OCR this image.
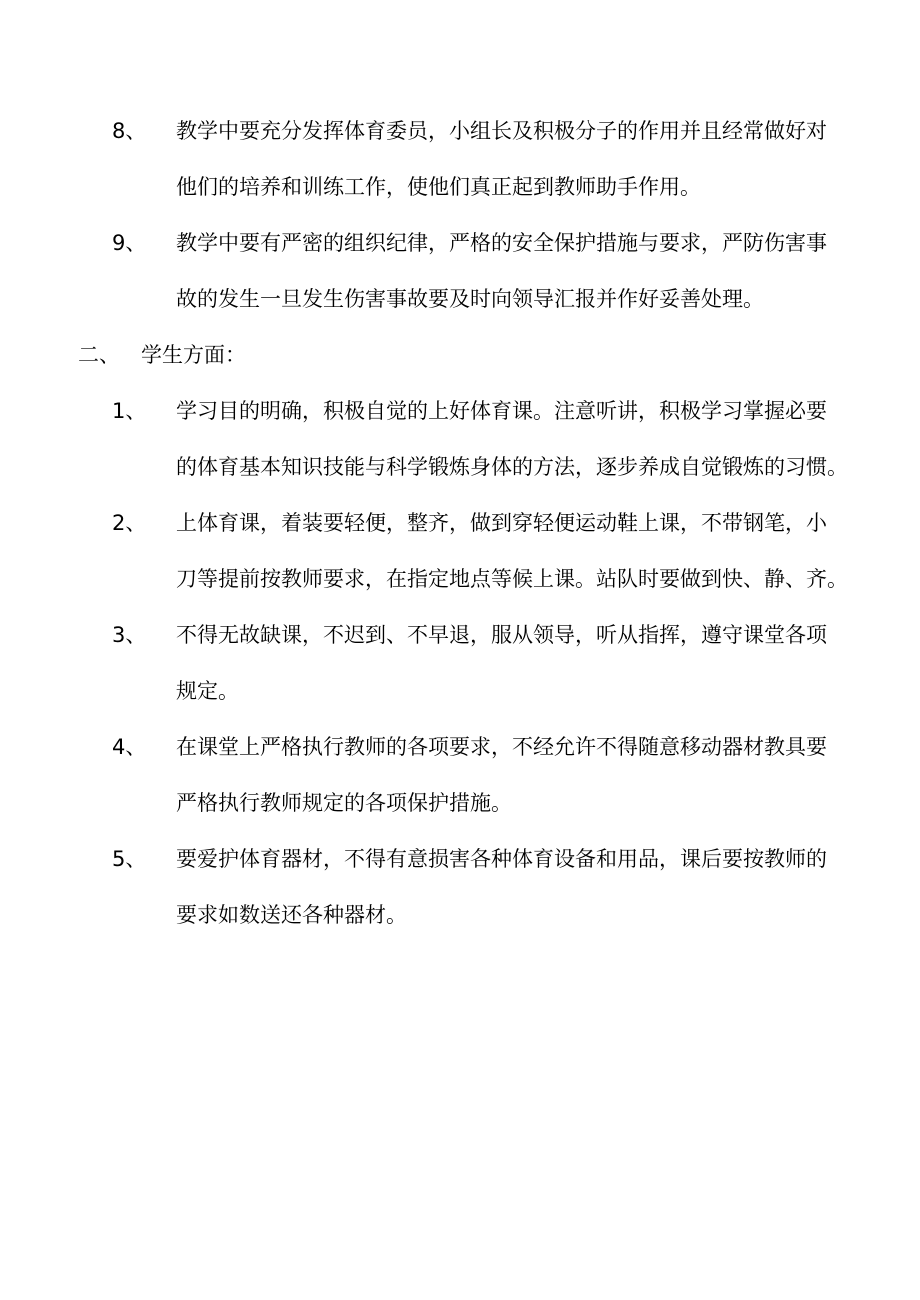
8、 教学中要充分发挥体育委员，小组长及积极分子的作用并且经常做好对
他们的培养和训练工作，使他们真正起到教师助手作用。
9、 教学中要有严密的组织纪律，严格的安全保护措施与要求，严防伤害事
故的发生一旦发生伤害事故要及时向领导汇报并作好妥善处理。
二、 学生方面：
1、 学习目的明确，积极自觉的上好体育课。注意听讲，积极学习掌握必要
的体育基本知识技能与科学锻炼身体的方法，逐步养成自觉锻炼的习惯。
2、 上体育课，着装要轻便，整齐，做到穿轻便运动鞋上课，不带钢笔，小
刀等提前按教师要求，在指定地点等候上课。站队时要做到快、静、齐。
3、 不得无故缺课，不迟到、不早退，服从领导，听从指挥，遵守课堂各项
规定。
4、 在课堂上严格执行教师的各项要求，不经允许不得随意移动器材教具要
严格执行教师规定的各项保护措施。
5、 要爱护体育器材，不得有意损害各种体育设备和用品，课后要按教师的
要求如数送还各种器材。
